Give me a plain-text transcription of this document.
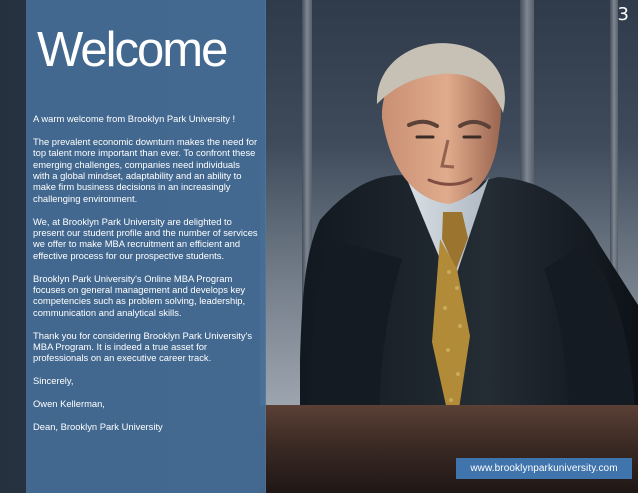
3
Welcome

A warm welcome from Brooklyn Park University !

The prevalent economic downturn makes the need for top talent more important than ever. To confront these emerging challenges, companies need individuals with a global mindset, adaptability and an ability to make firm business decisions in an increasingly challenging environment.

We, at Brooklyn Park University are delighted to present our student profile and the number of services we offer to make MBA recruitment an efficient and effective process for our prospective students.

Brooklyn Park University's Online MBA Program focuses on general management and develops key competencies such as problem solving, leadership, communication and analytical skills.

Thank you for considering Brooklyn Park University's MBA Program. It is indeed a true asset for professionals on an executive career track.

Sincerely,

Owen Kellerman,

Dean, Brooklyn Park University

www.brooklynparkuniversity.com
